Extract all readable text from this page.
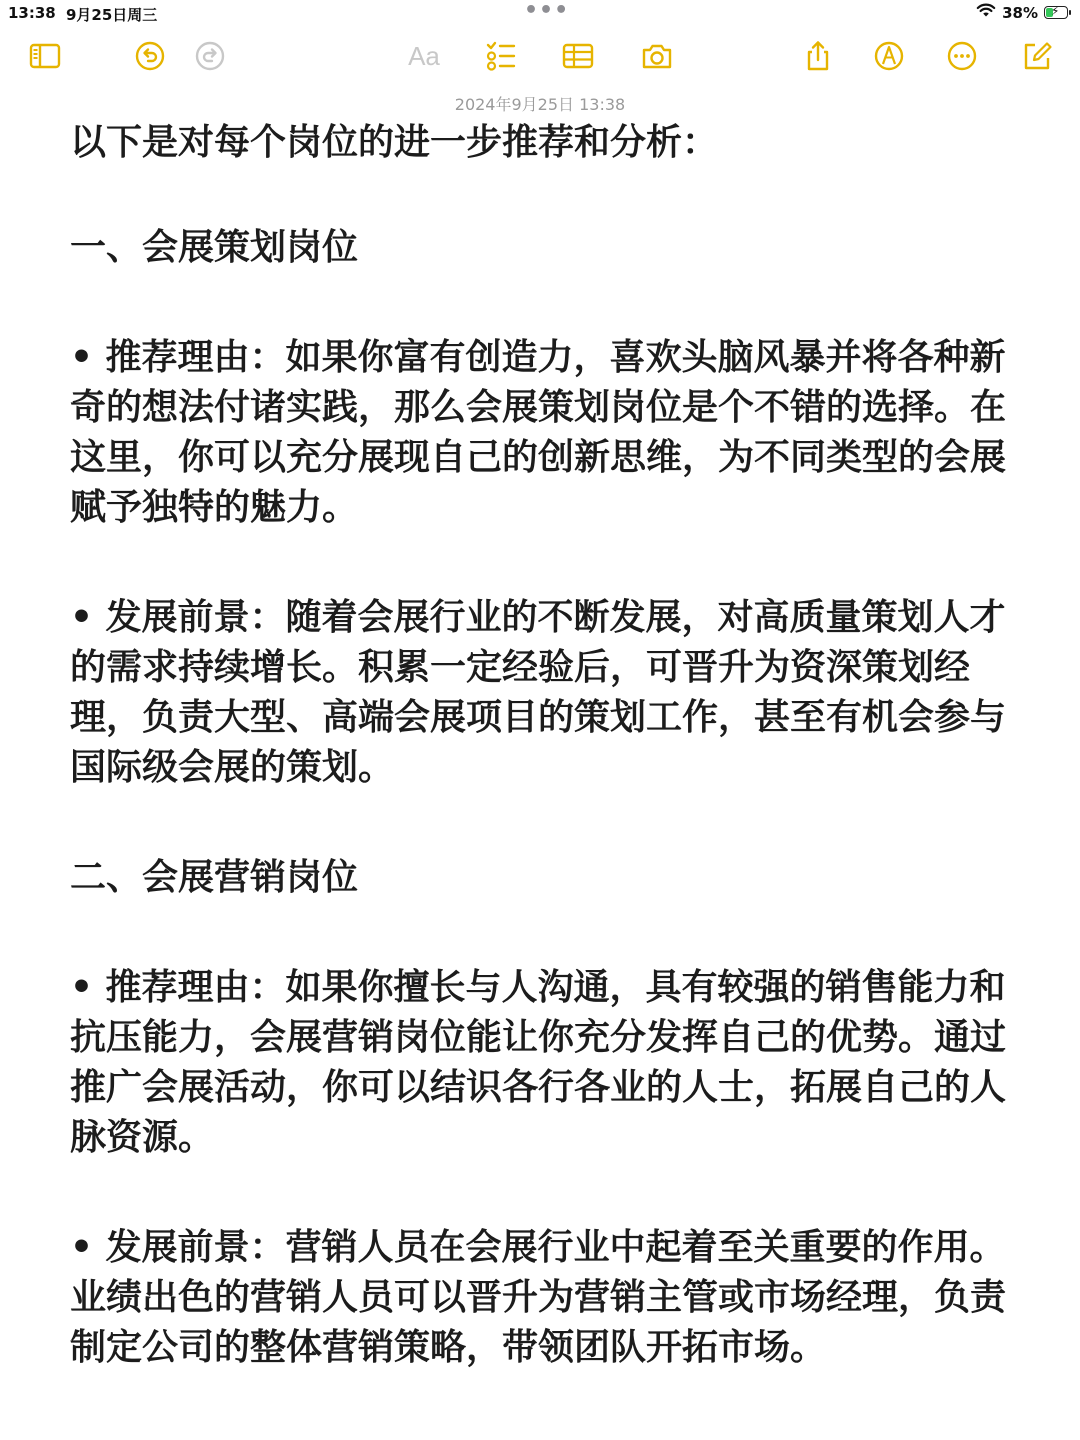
13:38 9月25日周三	•••	38% ⚡
Aa
2024年9月25日 13:38

以下是对每个岗位的进一步推荐和分析：

一、会展策划岗位

• 推荐理由：如果你富有创造力，喜欢头脑风暴并将各种新奇的想法付诸实践，那么会展策划岗位是个不错的选择。在这里，你可以充分展现自己的创新思维，为不同类型的会展赋予独特的魅力。

• 发展前景：随着会展行业的不断发展，对高质量策划人才的需求持续增长。积累一定经验后，可晋升为资深策划经理，负责大型、高端会展项目的策划工作，甚至有机会参与国际级会展的策划。

二、会展营销岗位

• 推荐理由：如果你擅长与人沟通，具有较强的销售能力和抗压能力，会展营销岗位能让你充分发挥自己的优势。通过推广会展活动，你可以结识各行各业的人士，拓展自己的人脉资源。

• 发展前景：营销人员在会展行业中起着至关重要的作用。业绩出色的营销人员可以晋升为营销主管或市场经理，负责制定公司的整体营销策略，带领团队开拓市场。
